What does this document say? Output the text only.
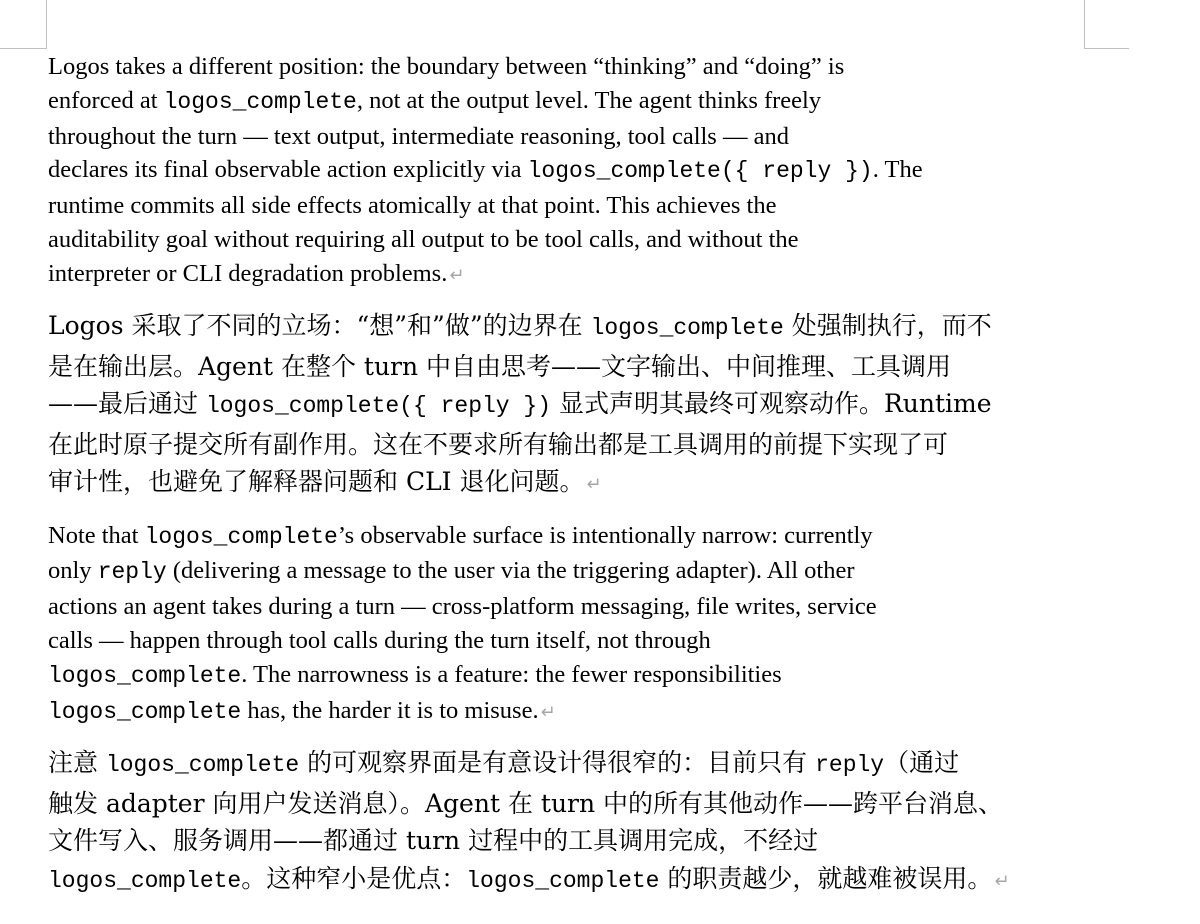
Logos takes a different position: the boundary between “thinking” and “doing” is
enforced at logos_complete, not at the output level. The agent thinks freely
throughout the turn — text output, intermediate reasoning, tool calls — and
declares its final observable action explicitly via logos_complete({ reply }). The
runtime commits all side effects atomically at that point. This achieves the
auditability goal without requiring all output to be tool calls, and without the
interpreter or CLI degradation problems. ↵

Logos 采取了不同的立场：“想”和”做”的边界在 logos_complete 处强制执行，而不
是在输出层。Agent 在整个 turn 中自由思考——文字输出、中间推理、工具调用
——最后通过 logos_complete({ reply }) 显式声明其最终可观察动作。Runtime
在此时原子提交所有副作用。这在不要求所有输出都是工具调用的前提下实现了可
审计性，也避免了解释器问题和 CLI 退化问题。 ↵

Note that logos_complete’s observable surface is intentionally narrow: currently
only reply (delivering a message to the user via the triggering adapter). All other
actions an agent takes during a turn — cross-platform messaging, file writes, service
calls — happen through tool calls during the turn itself, not through
logos_complete. The narrowness is a feature: the fewer responsibilities
logos_complete has, the harder it is to misuse. ↵

注意 logos_complete 的可观察界面是有意设计得很窄的：目前只有 reply（通过
触发 adapter 向用户发送消息）。Agent 在 turn 中的所有其他动作——跨平台消息、
文件写入、服务调用——都通过 turn 过程中的工具调用完成，不经过
logos_complete。这种窄小是优点：logos_complete 的职责越少，就越难被误用。 ↵
